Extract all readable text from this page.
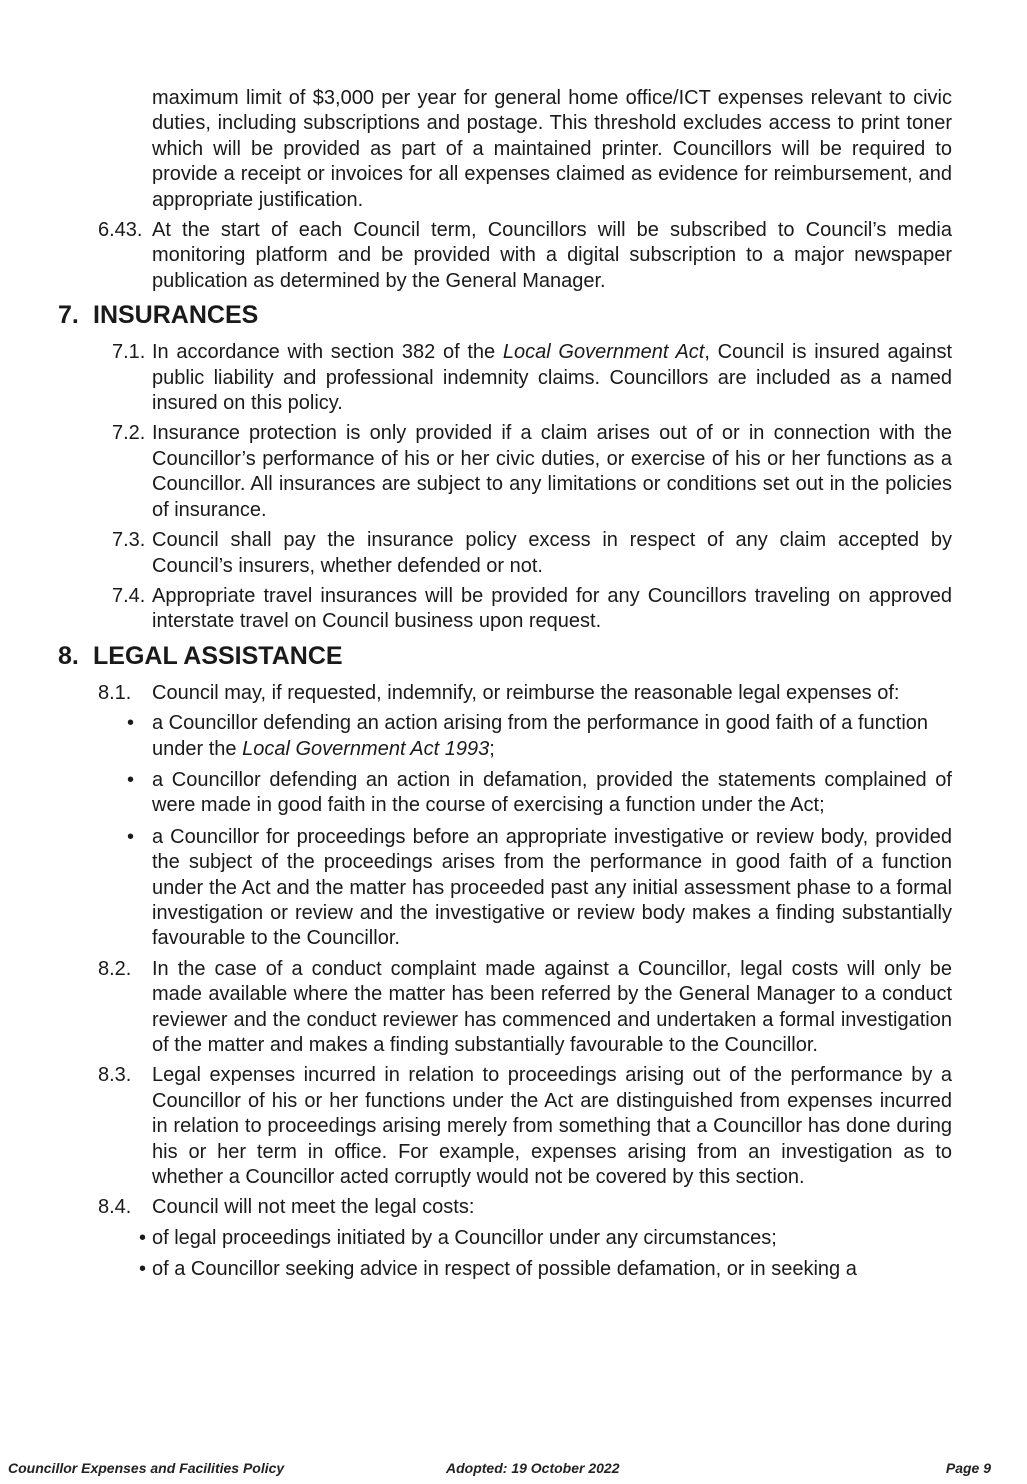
maximum limit of $3,000 per year for general home office/ICT expenses relevant to civic duties, including subscriptions and postage. This threshold excludes access to print toner which will be provided as part of a maintained printer. Councillors will be required to provide a receipt or invoices for all expenses claimed as evidence for reimbursement, and appropriate justification.

6.43. At the start of each Council term, Councillors will be subscribed to Council’s media monitoring platform and be provided with a digital subscription to a major newspaper publication as determined by the General Manager.

7. INSURANCES
7.1. In accordance with section 382 of the Local Government Act, Council is insured against public liability and professional indemnity claims. Councillors are included as a named insured on this policy.

7.2. Insurance protection is only provided if a claim arises out of or in connection with the Councillor’s performance of his or her civic duties, or exercise of his or her functions as a Councillor. All insurances are subject to any limitations or conditions set out in the policies of insurance.

7.3. Council shall pay the insurance policy excess in respect of any claim accepted by Council’s insurers, whether defended or not.

7.4. Appropriate travel insurances will be provided for any Councillors traveling on approved interstate travel on Council business upon request.

8. LEGAL ASSISTANCE
8.1. Council may, if requested, indemnify, or reimburse the reasonable legal expenses of:

• a Councillor defending an action arising from the performance in good faith of a function under the Local Government Act 1993;

• a Councillor defending an action in defamation, provided the statements complained of were made in good faith in the course of exercising a function under the Act;

• a Councillor for proceedings before an appropriate investigative or review body, provided the subject of the proceedings arises from the performance in good faith of a function under the Act and the matter has proceeded past any initial assessment phase to a formal investigation or review and the investigative or review body makes a finding substantially favourable to the Councillor.

8.2. In the case of a conduct complaint made against a Councillor, legal costs will only be made available where the matter has been referred by the General Manager to a conduct reviewer and the conduct reviewer has commenced and undertaken a formal investigation of the matter and makes a finding substantially favourable to the Councillor.

8.3. Legal expenses incurred in relation to proceedings arising out of the performance by a Councillor of his or her functions under the Act are distinguished from expenses incurred in relation to proceedings arising merely from something that a Councillor has done during his or her term in office. For example, expenses arising from an investigation as to whether a Councillor acted corruptly would not be covered by this section.

8.4. Council will not meet the legal costs:

• of legal proceedings initiated by a Councillor under any circumstances;

• of a Councillor seeking advice in respect of possible defamation, or in seeking a

Councillor Expenses and Facilities Policy	Adopted: 19 October 2022	Page 9
